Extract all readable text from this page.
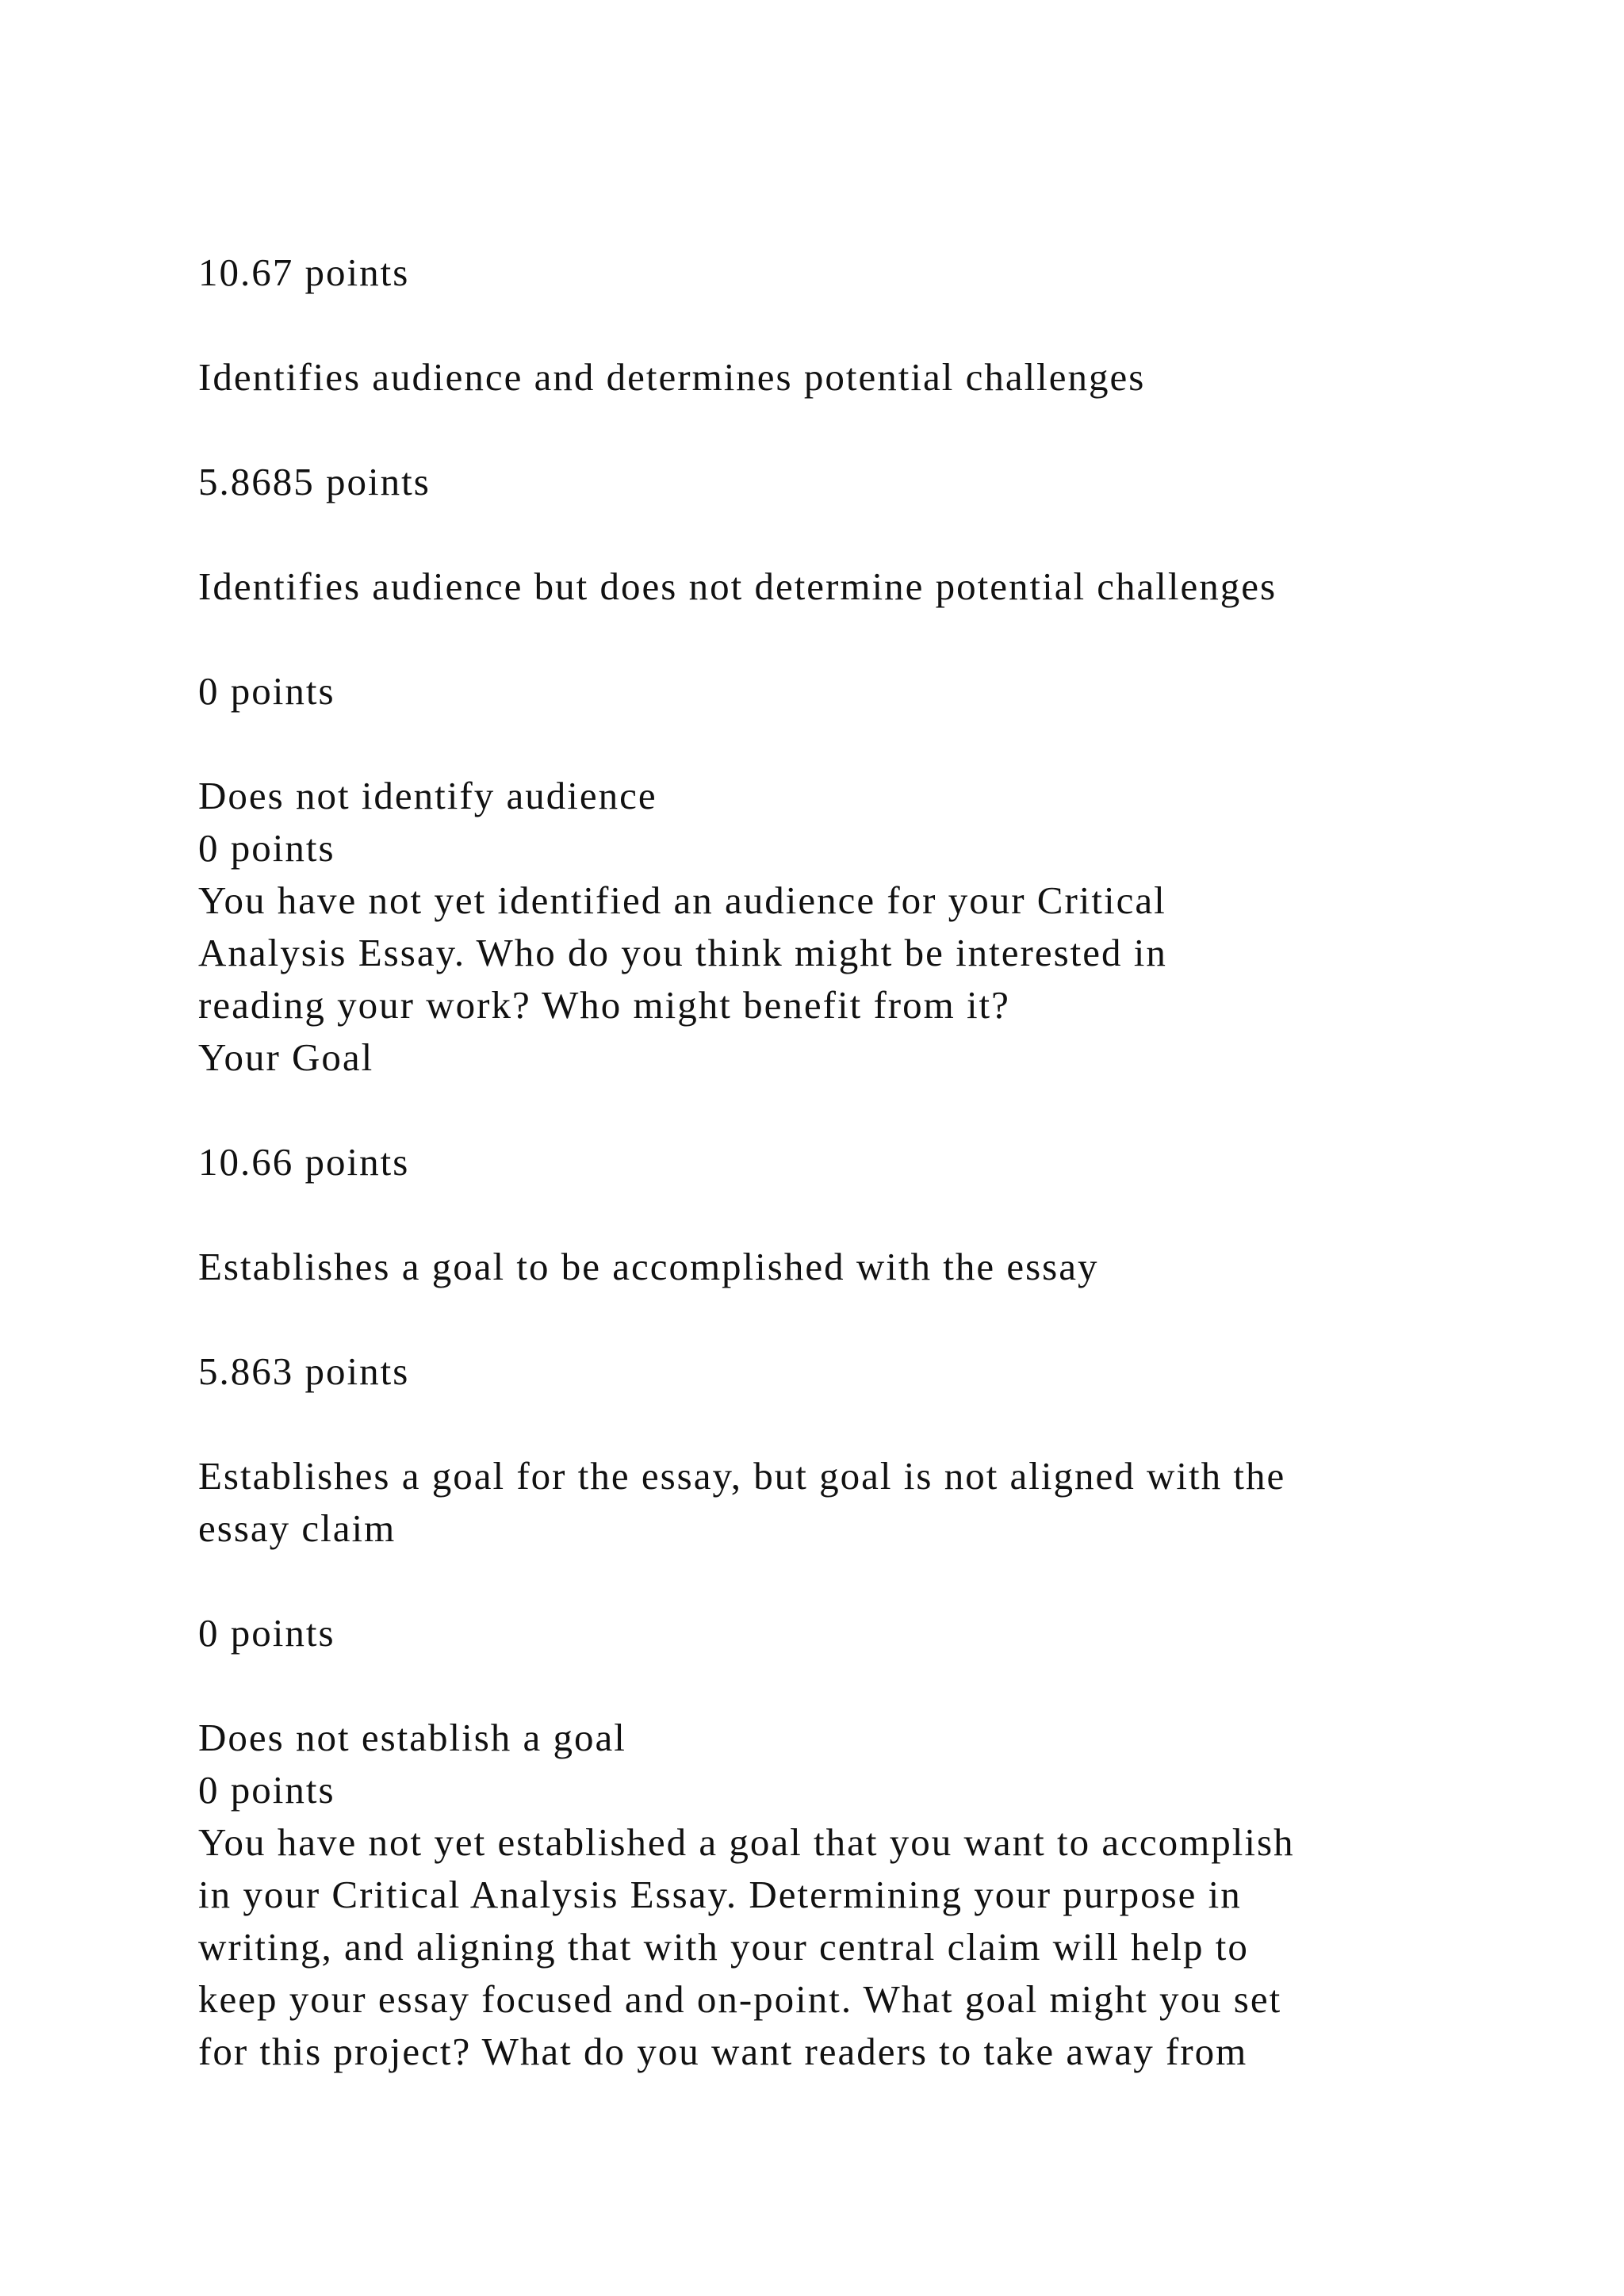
10.67 points
Identifies audience and determines potential challenges
5.8685 points
Identifies audience but does not determine potential challenges
0 points
Does not identify audience
0 points
You have not yet identified an audience for your Critical
Analysis Essay. Who do you think might be interested in
reading your work? Who might benefit from it?
Your Goal
10.66 points
Establishes a goal to be accomplished with the essay
5.863 points
Establishes a goal for the essay, but goal is not aligned with the
essay claim
0 points
Does not establish a goal
0 points
You have not yet established a goal that you want to accomplish
in your Critical Analysis Essay. Determining your purpose in
writing, and aligning that with your central claim will help to
keep your essay focused and on-point. What goal might you set
for this project? What do you want readers to take away from
